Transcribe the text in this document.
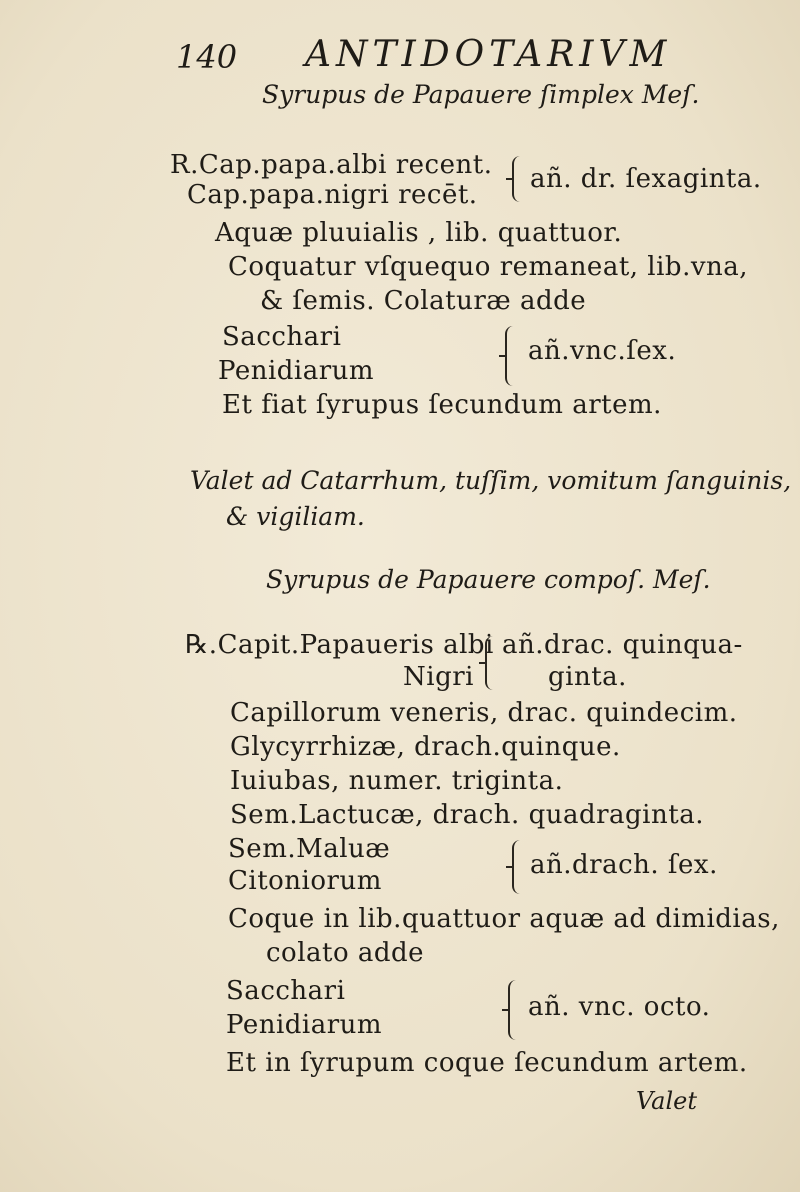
140 ANTIDOTARIVM
Syrupus de Papauere ſimplex Meſ.
R.Cap.papa.albi recent.
Cap.papa.nigri recēt.
añ. dr. ſexaginta.
Aquæ pluuialis , lib. quattuor.
Coquatur vſquequo remaneat, lib.vna,
& ſemis. Colaturæ adde
Sacchari
Penidiarum
añ.vnc.ſex.
Et fiat ſyrupus ſecundum artem.
Valet ad Catarrhum, tuſſim, vomitum ſanguinis,
& vigiliam.
Syrupus de Papauere compoſ. Meſ.
℞.Capit.Papaueris albi
Nigri
añ.drac. quinqua-
ginta.
Capillorum veneris, drac. quindecim.
Glycyrrhizæ, drach.quinque.
Iuiubas, numer. triginta.
Sem.Lactucæ, drach. quadraginta.
Sem.Maluæ
Citoniorum
añ.drach. ſex.
Coque in lib.quattuor aquæ ad dimidias,
colato adde
Sacchari
Penidiarum
añ. vnc. octo.
Et in ſyrupum coque ſecundum artem.
Valet
